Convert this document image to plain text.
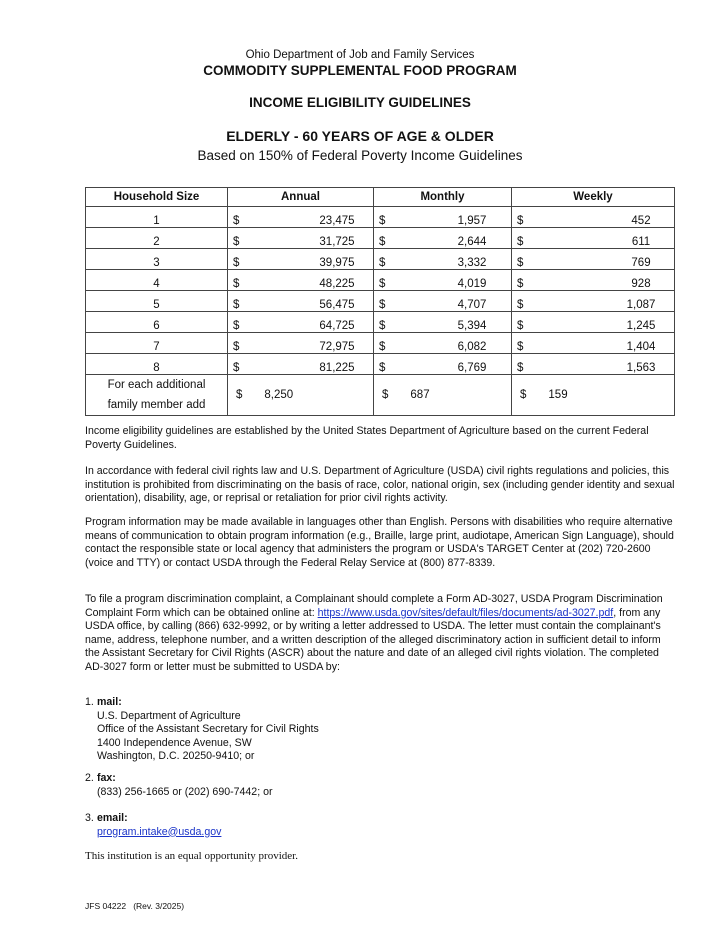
Ohio Department of Job and Family Services
COMMODITY SUPPLEMENTAL FOOD PROGRAM
INCOME ELIGIBILITY GUIDELINES
ELDERLY - 60 YEARS OF AGE & OLDER
Based on 150% of Federal Poverty Income Guidelines
Household Size	Annual	Monthly	Weekly
1	$ 23,475	$ 1,957	$ 452

2	$ 31,725	$ 2,644	$ 611

3	$ 39,975	$ 3,332	$ 769

4	$ 48,225	$ 4,019	$ 928

5	$ 56,475	$ 4,707	$ 1,087

6	$ 64,725	$ 5,394	$ 1,245

7	$ 72,975	$ 6,082	$ 1,404

8	$ 81,225	$ 6,769	$ 1,563

For each additional
family member add	$ 8,250	$ 687	$ 159

Income eligibility guidelines are established by the United States Department of Agriculture based on the current Federal Poverty Guidelines.

In accordance with federal civil rights law and U.S. Department of Agriculture (USDA) civil rights regulations and policies, this institution is prohibited from discriminating on the basis of race, color, national origin, sex (including gender identity and sexual orientation), disability, age, or reprisal or retaliation for prior civil rights activity.

Program information may be made available in languages other than English. Persons with disabilities who require alternative means of communication to obtain program information (e.g., Braille, large print, audiotape, American Sign Language), should contact the responsible state or local agency that administers the program or USDA's TARGET Center at (202) 720-2600 (voice and TTY) or contact USDA through the Federal Relay Service at (800) 877-8339.

To file a program discrimination complaint, a Complainant should complete a Form AD-3027, USDA Program Discrimination Complaint Form which can be obtained online at: https://www.usda.gov/sites/default/files/documents/ad-3027.pdf, from any USDA office, by calling (866) 632-9992, or by writing a letter addressed to USDA. The letter must contain the complainant's name, address, telephone number, and a written description of the alleged discriminatory action in sufficient detail to inform the Assistant Secretary for Civil Rights (ASCR) about the nature and date of an alleged civil rights violation. The completed AD-3027 form or letter must be submitted to USDA by:

1. mail:
U.S. Department of Agriculture
Office of the Assistant Secretary for Civil Rights
1400 Independence Avenue, SW
Washington, D.C. 20250-9410; or
2. fax:
(833) 256-1665 or (202) 690-7442; or
3. email:
program.intake@usda.gov
This institution is an equal opportunity provider.
JFS 04222   (Rev. 3/2025)
